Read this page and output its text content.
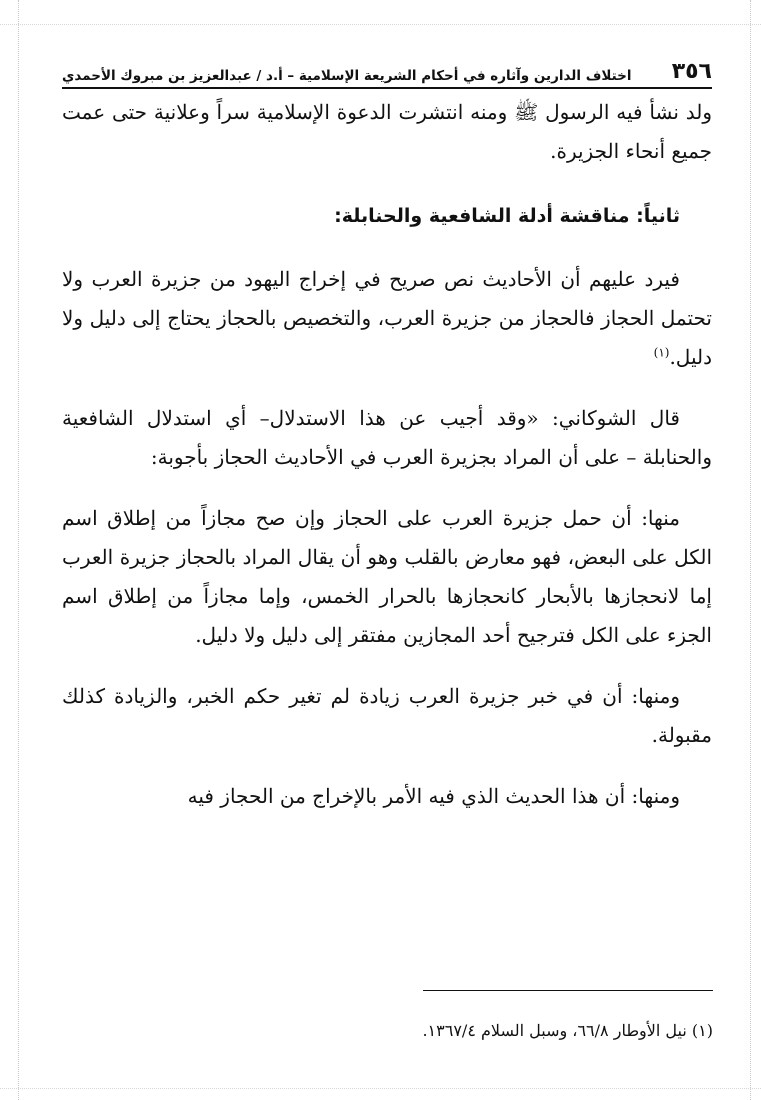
٣٥٦
اختلاف الدارين وآثاره في أحكام الشريعة الإسلامية – أ.د / عبدالعزيز بن مبروك الأحمدي

ولد نشأ فيه الرسول ﷺ ومنه انتشرت الدعوة الإسلامية سراً وعلانية حتى عمت جميع أنحاء الجزيرة.

ثانياً: مناقشة أدلة الشافعية والحنابلة:

فيرد عليهم أن الأحاديث نص صريح في إخراج اليهود من جزيرة العرب ولا تحتمل الحجاز فالحجاز من جزيرة العرب، والتخصيص بالحجاز يحتاج إلى دليل ولا دليل.$^{(١)}$

قال الشوكاني: «وقد أجيب عن هذا الاستدلال– أي استدلال الشافعية والحنابلة – على أن المراد بجزيرة العرب في الأحاديث الحجاز بأجوبة:

منها: أن حمل جزيرة العرب على الحجاز وإن صح مجازاً من إطلاق اسم الكل على البعض، فهو معارض بالقلب وهو أن يقال المراد بالحجاز جزيرة العرب إما لانحجازها بالأبحار كانحجازها بالحرار الخمس، وإما مجازاً من إطلاق اسم الجزء على الكل فترجيح أحد المجازين مفتقر إلى دليل ولا دليل.

ومنها: أن في خبر جزيرة العرب زيادة لم تغير حكم الخبر، والزيادة كذلك مقبولة.

ومنها: أن هذا الحديث الذي فيه الأمر بالإخراج من الحجاز فيه

(١) نيل الأوطار ٦٦/٨، وسبل السلام ١٣٦٧/٤.
